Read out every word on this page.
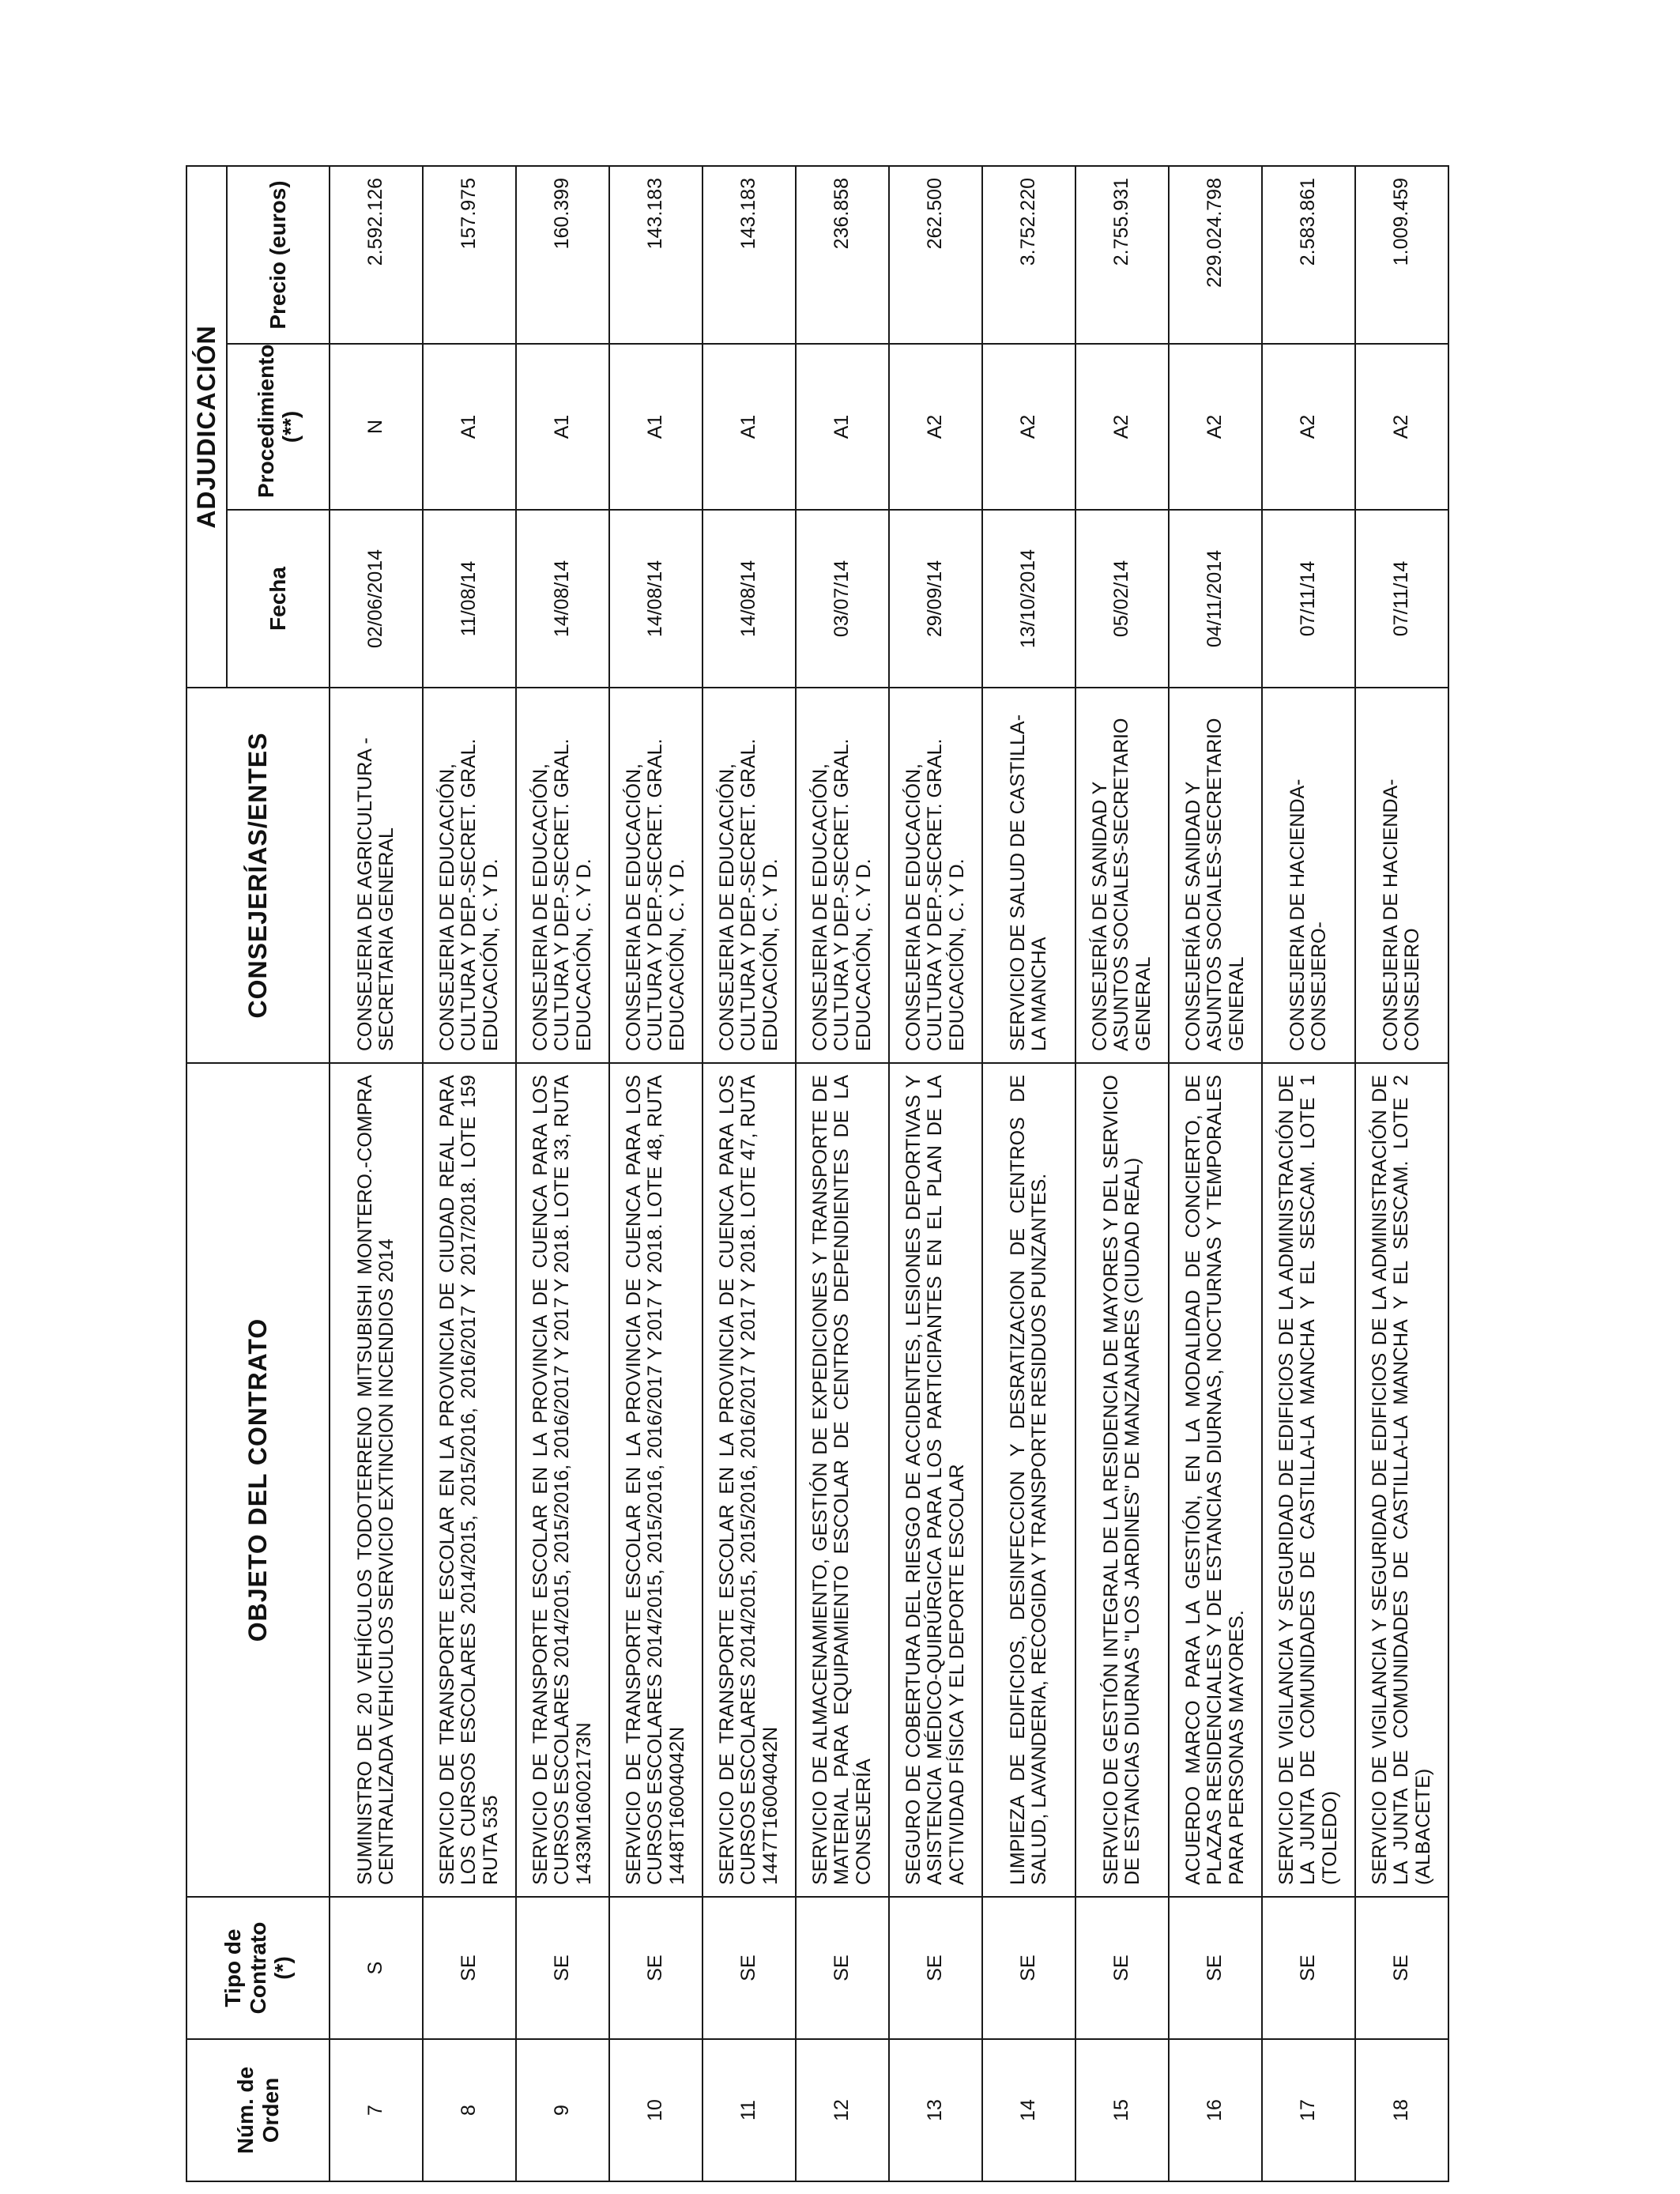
Núm. de Orden	Tipo de Contrato (*)	OBJETO DEL CONTRATO	CONSEJERÍAS/ENTES	ADJUDICACIÓN		
				Fecha	Procedimiento (**)	Precio (euros)
7	S	SUMINISTRO DE 20 VEHÍCULOS TODOTERRENO MITSUBISHI MONTERO.-COMPRA CENTRALIZADA VEHICULOS SERVICIO EXTINCION INCENDIOS 2014	CONSEJERIA DE AGRICULTURA - SECRETARIA GENERAL	02/06/2014	N	2.592.126
8	SE	SERVICIO DE TRANSPORTE ESCOLAR EN LA PROVINCIA DE CIUDAD REAL PARA LOS CURSOS ESCOLARES 2014/2015, 2015/2016, 2016/2017 Y 2017/2018. LOTE 159 RUTA 535	CONSEJERIA DE EDUCACIÓN, CULTURA Y DEP.-SECRET. GRAL. EDUCACIÓN, C. Y D.	11/08/14	A1	157.975
9	SE	SERVICIO DE TRANSPORTE ESCOLAR EN LA PROVINCIA DE CUENCA PARA LOS CURSOS ESCOLARES 2014/2015, 2015/2016, 2016/2017 Y 2017 Y 2018. LOTE 33, RUTA 1433M16002173N	CONSEJERIA DE EDUCACIÓN, CULTURA Y DEP.-SECRET. GRAL. EDUCACIÓN, C. Y D.	14/08/14	A1	160.399
10	SE	SERVICIO DE TRANSPORTE ESCOLAR EN LA PROVINCIA DE CUENCA PARA LOS CURSOS ESCOLARES 2014/2015, 2015/2016, 2016/2017 Y 2017 Y 2018. LOTE 48, RUTA 1448T16004042N	CONSEJERIA DE EDUCACIÓN, CULTURA Y DEP.-SECRET. GRAL. EDUCACIÓN, C. Y D.	14/08/14	A1	143.183
11	SE	SERVICIO DE TRANSPORTE ESCOLAR EN LA PROVINCIA DE CUENCA PARA LOS CURSOS ESCOLARES 2014/2015, 2015/2016, 2016/2017 Y 2017 Y 2018. LOTE 47, RUTA 1447T16004042N	CONSEJERIA DE EDUCACIÓN, CULTURA Y DEP.-SECRET. GRAL. EDUCACIÓN, C. Y D.	14/08/14	A1	143.183
12	SE	SERVICIO DE ALMACENAMIENTO, GESTIÓN DE EXPEDICIONES Y TRANSPORTE DE MATERIAL PARA EQUIPAMIENTO ESCOLAR DE CENTROS DEPENDIENTES DE LA CONSEJERÍA	CONSEJERIA DE EDUCACIÓN, CULTURA Y DEP.-SECRET. GRAL. EDUCACIÓN, C. Y D.	03/07/14	A1	236.858
13	SE	SEGURO DE COBERTURA DEL RIESGO DE ACCIDENTES, LESIONES DEPORTIVAS Y ASISTENCIA MÉDICO-QUIRÚRGICA PARA LOS PARTICIPANTES EN EL PLAN DE LA ACTIVIDAD FÍSICA Y EL DEPORTE ESCOLAR	CONSEJERIA DE EDUCACIÓN, CULTURA Y DEP.-SECRET. GRAL. EDUCACIÓN, C. Y D.	29/09/14	A2	262.500
14	SE	LIMPIEZA DE EDIFICIOS, DESINFECCION Y DESRATIZACION DE CENTROS DE SALUD, LAVANDERIA, RECOGIDA Y TRANSPORTE RESIDUOS PUNZANTES.	SERVICIO DE SALUD DE CASTILLA-LA MANCHA	13/10/2014	A2	3.752.220
15	SE	SERVICIO DE GESTIÓN INTEGRAL DE LA RESIDENCIA DE MAYORES Y DEL SERVICIO DE ESTANCIAS DIURNAS "LOS JARDINES" DE MANZANARES (CIUDAD REAL)	CONSEJERÍA DE SANIDAD Y ASUNTOS SOCIALES-SECRETARIO GENERAL	05/02/14	A2	2.755.931
16	SE	ACUERDO MARCO PARA LA GESTIÓN, EN LA MODALIDAD DE CONCIERTO, DE PLAZAS RESIDENCIALES Y DE ESTANCIAS DIURNAS, NOCTURNAS Y TEMPORALES PARA PERSONAS MAYORES.	CONSEJERÍA DE SANIDAD Y ASUNTOS SOCIALES-SECRETARIO GENERAL	04/11/2014	A2	229.024.798
17	SE	SERVICIO DE VIGILANCIA Y SEGURIDAD DE EDIFICIOS DE LA ADMINISTRACIÓN DE LA JUNTA DE COMUNIDADES DE CASTILLA-LA MANCHA Y EL SESCAM. LOTE 1 (TOLEDO)	CONSEJERIA DE HACIENDA-CONSEJERO-	07/11/14	A2	2.583.861
18	SE	SERVICIO DE VIGILANCIA Y SEGURIDAD DE EDIFICIOS DE LA ADMINISTRACIÓN DE LA JUNTA DE COMUNIDADES DE CASTILLA-LA MANCHA Y EL SESCAM. LOTE 2 (ALBACETE)	CONSEJERIA DE HACIENDA-CONSEJERO	07/11/14	A2	1.009.459
